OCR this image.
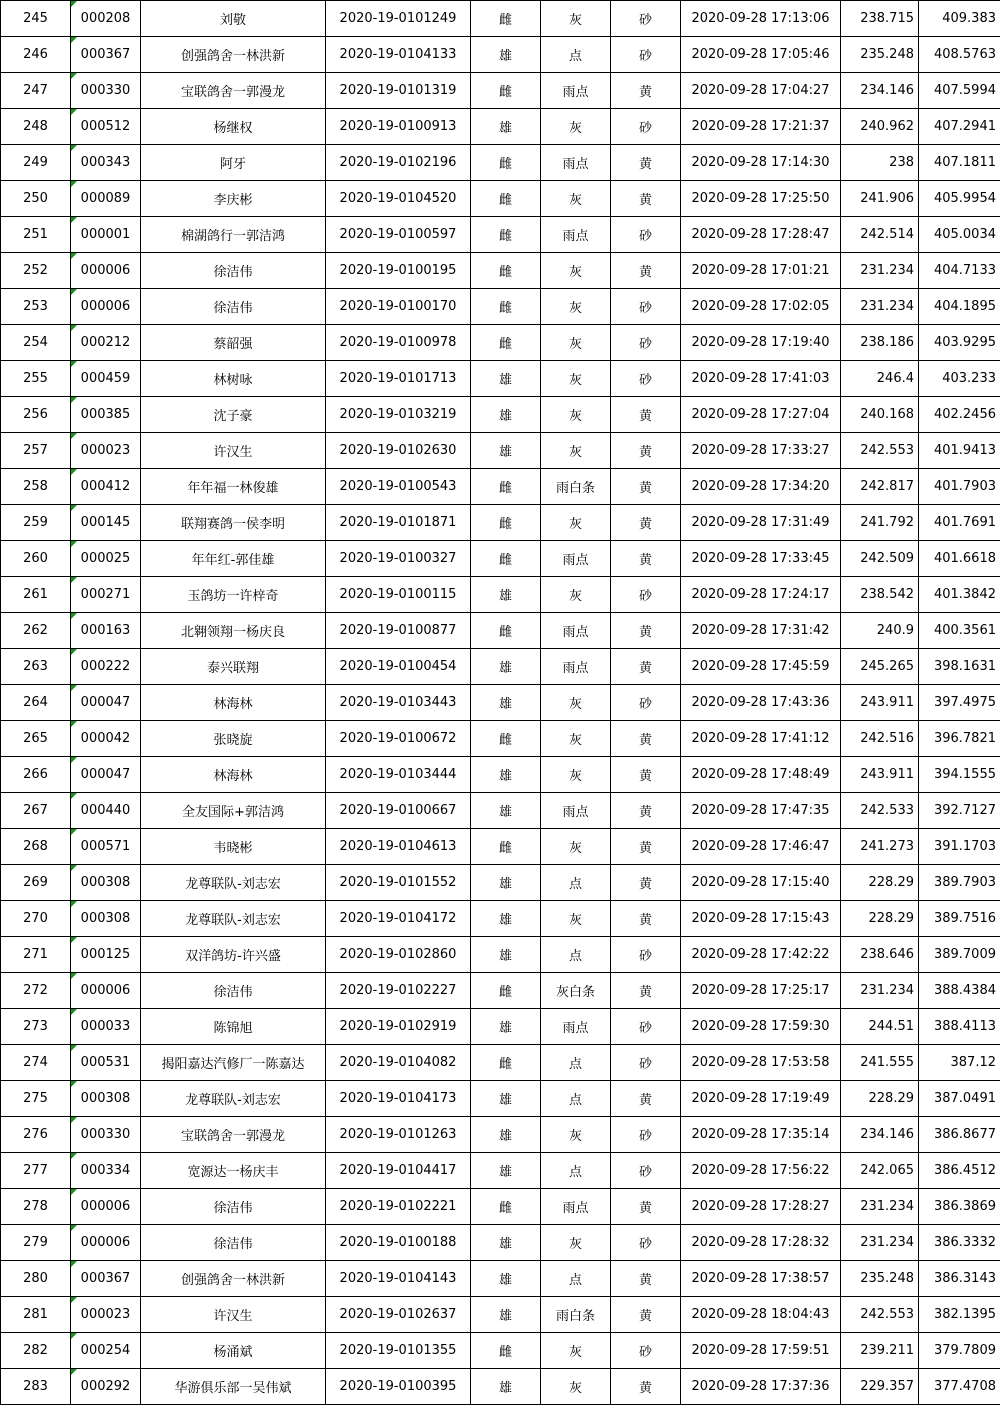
245	000208	刘敬	2020-19-0101249	雌	灰	砂	2020-09-28 17:13:06	238.715	409.383
246	000367	创强鸽舍一林洪新	2020-19-0104133	雄	点	砂	2020-09-28 17:05:46	235.248	408.5763
247	000330	宝联鸽舍一郭漫龙	2020-19-0101319	雌	雨点	黄	2020-09-28 17:04:27	234.146	407.5994
248	000512	杨继权	2020-19-0100913	雄	灰	砂	2020-09-28 17:21:37	240.962	407.2941
249	000343	阿牙	2020-19-0102196	雌	雨点	黄	2020-09-28 17:14:30	238	407.1811
250	000089	李庆彬	2020-19-0104520	雌	灰	黄	2020-09-28 17:25:50	241.906	405.9954
251	000001	棉湖鸽行一郭洁鸿	2020-19-0100597	雌	雨点	砂	2020-09-28 17:28:47	242.514	405.0034
252	000006	徐洁伟	2020-19-0100195	雌	灰	黄	2020-09-28 17:01:21	231.234	404.7133
253	000006	徐洁伟	2020-19-0100170	雌	灰	砂	2020-09-28 17:02:05	231.234	404.1895
254	000212	蔡韶强	2020-19-0100978	雌	灰	砂	2020-09-28 17:19:40	238.186	403.9295
255	000459	林树咏	2020-19-0101713	雄	灰	砂	2020-09-28 17:41:03	246.4	403.233
256	000385	沈子豪	2020-19-0103219	雄	灰	黄	2020-09-28 17:27:04	240.168	402.2456
257	000023	许汉生	2020-19-0102630	雄	灰	黄	2020-09-28 17:33:27	242.553	401.9413
258	000412	年年福一林俊雄	2020-19-0100543	雌	雨白条	黄	2020-09-28 17:34:20	242.817	401.7903
259	000145	联翔赛鸽一侯李明	2020-19-0101871	雌	灰	黄	2020-09-28 17:31:49	241.792	401.7691
260	000025	年年红-郭佳雄	2020-19-0100327	雌	雨点	黄	2020-09-28 17:33:45	242.509	401.6618
261	000271	玉鸽坊一许梓奇	2020-19-0100115	雄	灰	砂	2020-09-28 17:24:17	238.542	401.3842
262	000163	北翱领翔一杨庆良	2020-19-0100877	雌	雨点	黄	2020-09-28 17:31:42	240.9	400.3561
263	000222	泰兴联翔	2020-19-0100454	雄	雨点	黄	2020-09-28 17:45:59	245.265	398.1631
264	000047	林海林	2020-19-0103443	雄	灰	砂	2020-09-28 17:43:36	243.911	397.4975
265	000042	张晓旋	2020-19-0100672	雌	灰	黄	2020-09-28 17:41:12	242.516	396.7821
266	000047	林海林	2020-19-0103444	雄	灰	黄	2020-09-28 17:48:49	243.911	394.1555
267	000440	全友国际+郭洁鸿	2020-19-0100667	雄	雨点	黄	2020-09-28 17:47:35	242.533	392.7127
268	000571	韦晓彬	2020-19-0104613	雌	灰	黄	2020-09-28 17:46:47	241.273	391.1703
269	000308	龙尊联队-刘志宏	2020-19-0101552	雄	点	黄	2020-09-28 17:15:40	228.29	389.7903
270	000308	龙尊联队-刘志宏	2020-19-0104172	雄	灰	黄	2020-09-28 17:15:43	228.29	389.7516
271	000125	双洋鸽坊-许兴盛	2020-19-0102860	雄	点	砂	2020-09-28 17:42:22	238.646	389.7009
272	000006	徐洁伟	2020-19-0102227	雌	灰白条	黄	2020-09-28 17:25:17	231.234	388.4384
273	000033	陈锦旭	2020-19-0102919	雄	雨点	砂	2020-09-28 17:59:30	244.51	388.4113
274	000531	揭阳嘉达汽修厂一陈嘉达	2020-19-0104082	雌	点	砂	2020-09-28 17:53:58	241.555	387.12
275	000308	龙尊联队-刘志宏	2020-19-0104173	雄	点	黄	2020-09-28 17:19:49	228.29	387.0491
276	000330	宝联鸽舍一郭漫龙	2020-19-0101263	雄	灰	砂	2020-09-28 17:35:14	234.146	386.8677
277	000334	宽源达一杨庆丰	2020-19-0104417	雄	点	砂	2020-09-28 17:56:22	242.065	386.4512
278	000006	徐洁伟	2020-19-0102221	雌	雨点	黄	2020-09-28 17:28:27	231.234	386.3869
279	000006	徐洁伟	2020-19-0100188	雄	灰	砂	2020-09-28 17:28:32	231.234	386.3332
280	000367	创强鸽舍一林洪新	2020-19-0104143	雄	点	黄	2020-09-28 17:38:57	235.248	386.3143
281	000023	许汉生	2020-19-0102637	雄	雨白条	黄	2020-09-28 18:04:43	242.553	382.1395
282	000254	杨涌斌	2020-19-0101355	雌	灰	砂	2020-09-28 17:59:51	239.211	379.7809
283	000292	华游俱乐部一吴伟斌	2020-19-0100395	雄	灰	黄	2020-09-28 17:37:36	229.357	377.4708
